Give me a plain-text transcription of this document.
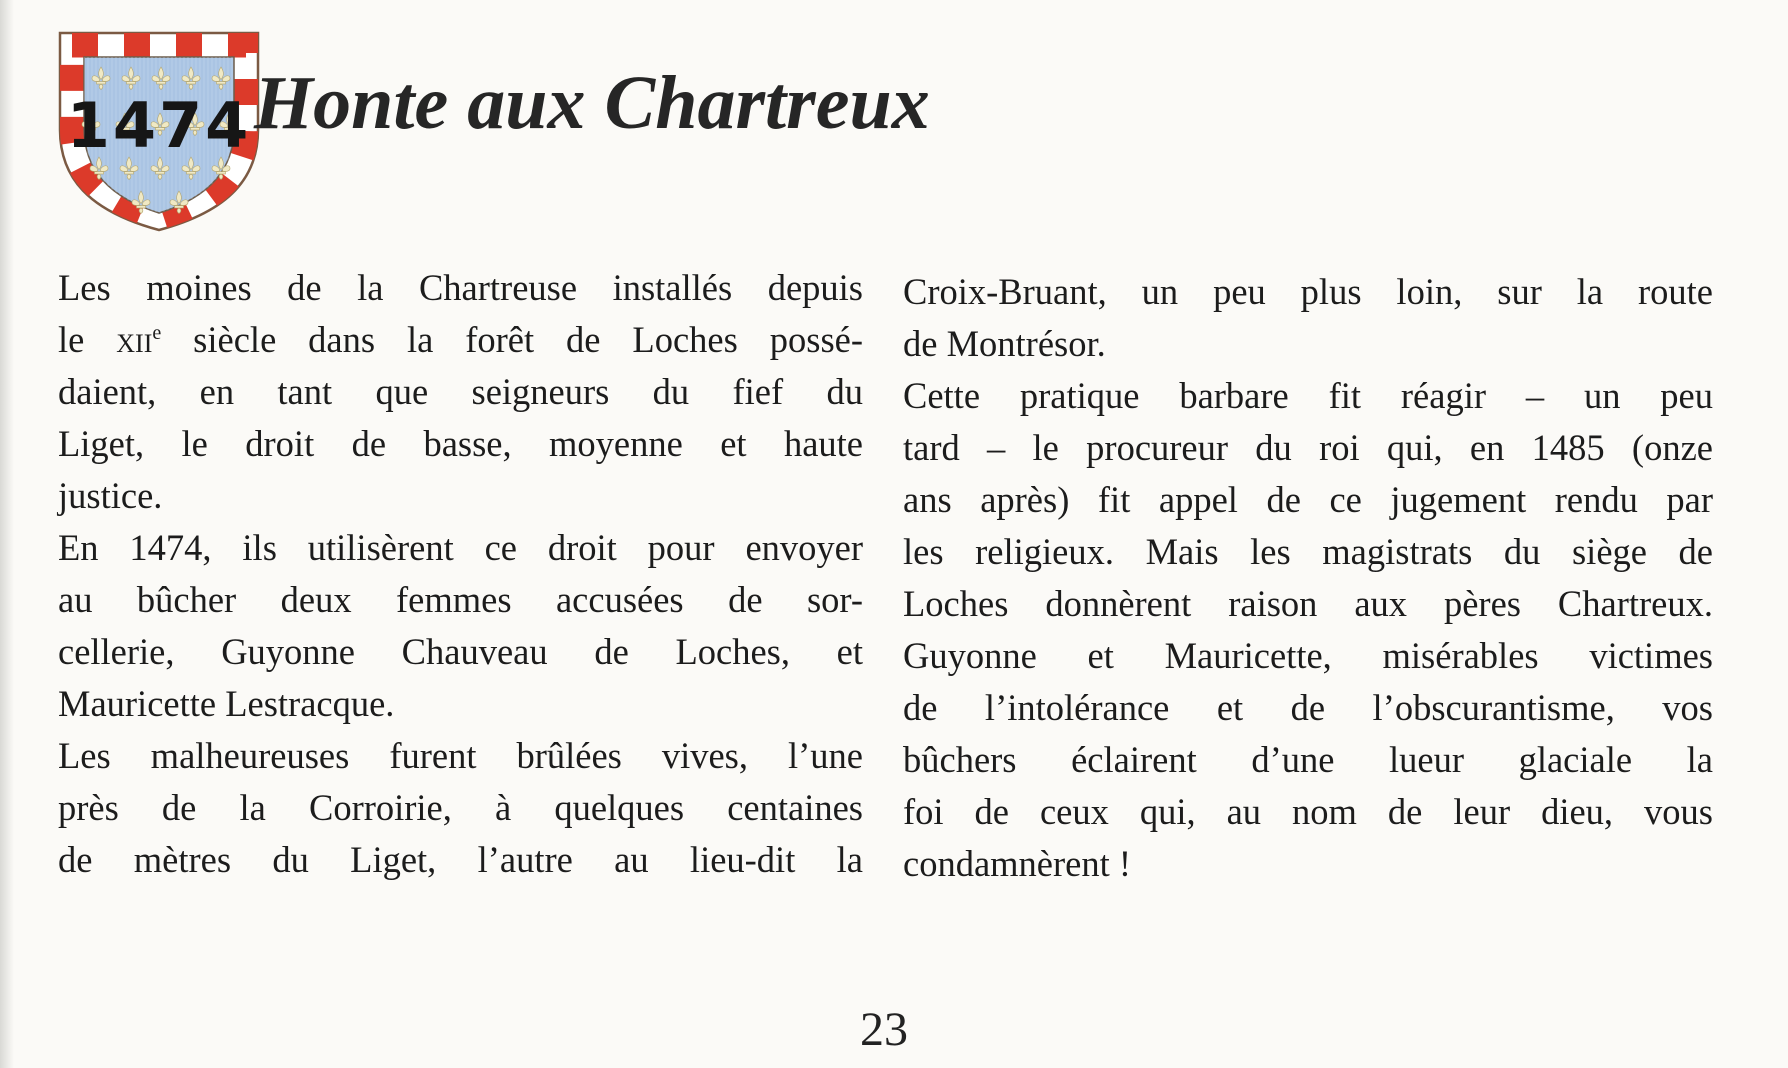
1474 Honte aux Chartreux
Les moines de la Chartreuse installés depuis
le xii$^e$ siècle dans la forêt de Loches possé-
daient, en tant que seigneurs du fief du
Liget, le droit de basse, moyenne et haute
justice.
En 1474, ils utilisèrent ce droit pour envoyer
au bûcher deux femmes accusées de sor-
cellerie, Guyonne Chauveau de Loches, et
Mauricette Lestracque.
Les malheureuses furent brûlées vives, l’une
près de la Corroirie, à quelques centaines
de mètres du Liget, l’autre au lieu-dit la
Croix-Bruant, un peu plus loin, sur la route
de Montrésor.
Cette pratique barbare fit réagir – un peu
tard – le procureur du roi qui, en 1485 (onze
ans après) fit appel de ce jugement rendu par
les religieux. Mais les magistrats du siège de
Loches donnèrent raison aux pères Chartreux.
Guyonne et Mauricette, misérables victimes
de l’intolérance et de l’obscurantisme, vos
bûchers éclairent d’une lueur glaciale la
foi de ceux qui, au nom de leur dieu, vous
condamnèrent !
23
